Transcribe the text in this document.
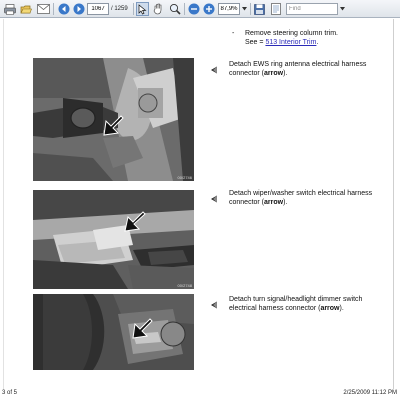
1067
/ 1259
87,9%
Find
- Remove steering column trim.
See = 513 Interior Trim.
00/2746
Detach EWS ring antenna electrical harness connector (arrow).
00/2748
Detach wiper/washer switch electrical harness connector (arrow).
Detach turn signal/headlight dimmer switch electrical harness connector (arrow).
3 of 5	2/25/2009 11:12 PM
